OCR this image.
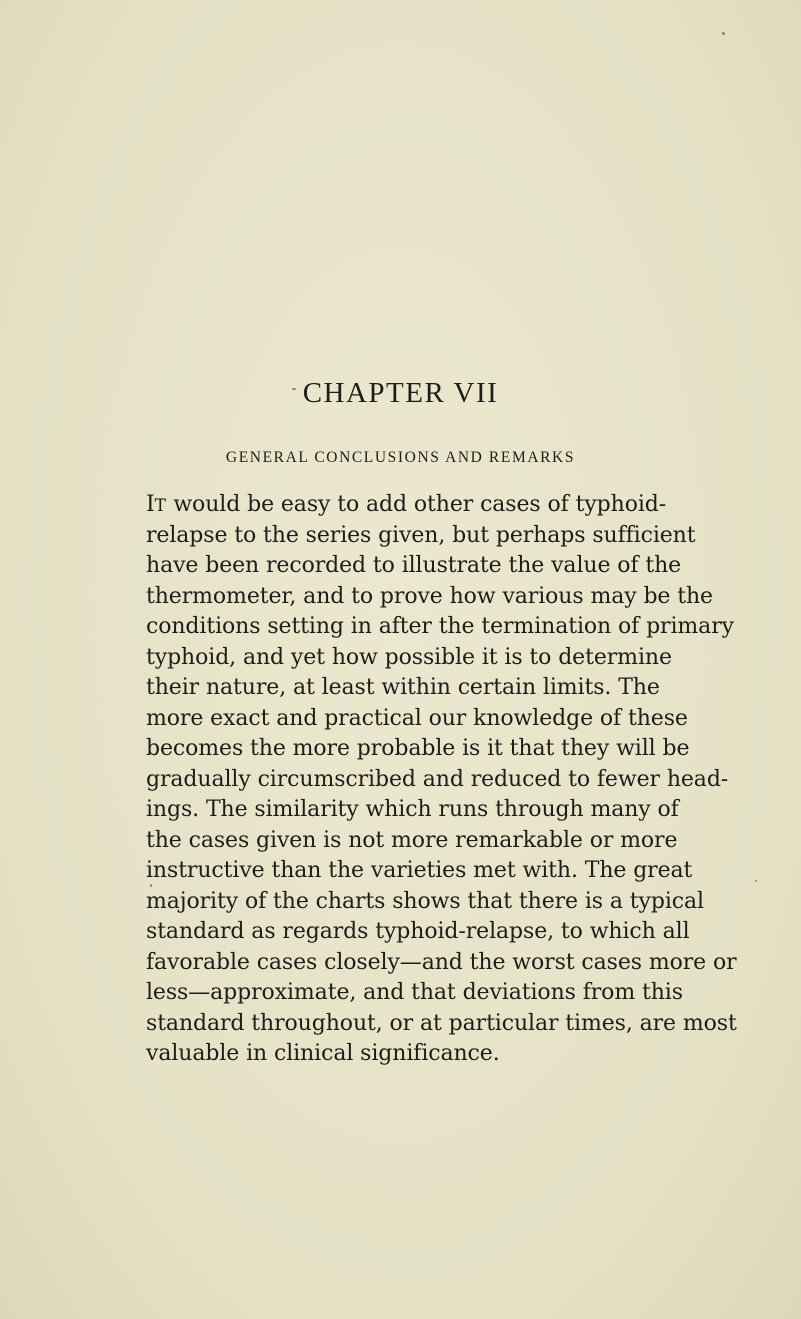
CHAPTER VII
GENERAL CONCLUSIONS AND REMARKS
IT would be easy to add other cases of typhoid-
relapse to the series given, but perhaps sufficient
have been recorded to illustrate the value of the
thermometer, and to prove how various may be the
conditions setting in after the termination of primary
typhoid, and yet how possible it is to determine
their nature, at least within certain limits. The
more exact and practical our knowledge of these
becomes the more probable is it that they will be
gradually circumscribed and reduced to fewer head-
ings. The similarity which runs through many of
the cases given is not more remarkable or more
instructive than the varieties met with. The great
majority of the charts shows that there is a typical
standard as regards typhoid-relapse, to which all
favorable cases closely—and the worst cases more or
less—approximate, and that deviations from this
standard throughout, or at particular times, are most
valuable in clinical significance.
